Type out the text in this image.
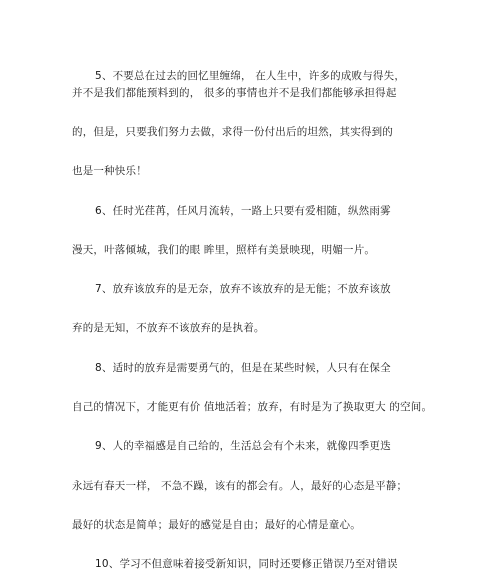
5、不要总在过去的回忆里缠绵， 在人生中，许多的成败与得失，
并不是我们都能预料到的， 很多的事情也并不是我们都能够承担得起
的，但是，只要我们努力去做，求得一份付出后的坦然，其实得到的
也是一种快乐！
6、任时光荏苒，任风月流转，一路上只要有爱相随，纵然雨雾
漫天，叶落倾城，我们的眼 眸里，照样有美景映现，明媚一片。
7、放弃该放弃的是无奈，放弃不该放弃的是无能；不放弃该放
弃的是无知，不放弃不该放弃的是执着。
8、适时的放弃是需要勇气的，但是在某些时候，人只有在保全
自己的情况下，才能更有价 值地活着；放弃，有时是为了换取更大 的空间。
9、人的幸福感是自己给的，生活总会有个未来，就像四季更迭
永远有春天一样， 不急不躁，该有的都会有。人，最好的心态是平静；
最好的状态是简单；最好的感觉是自由；最好的心情是童心。
10、学习不但意味着接受新知识，同时还要修正错误乃至对错误
